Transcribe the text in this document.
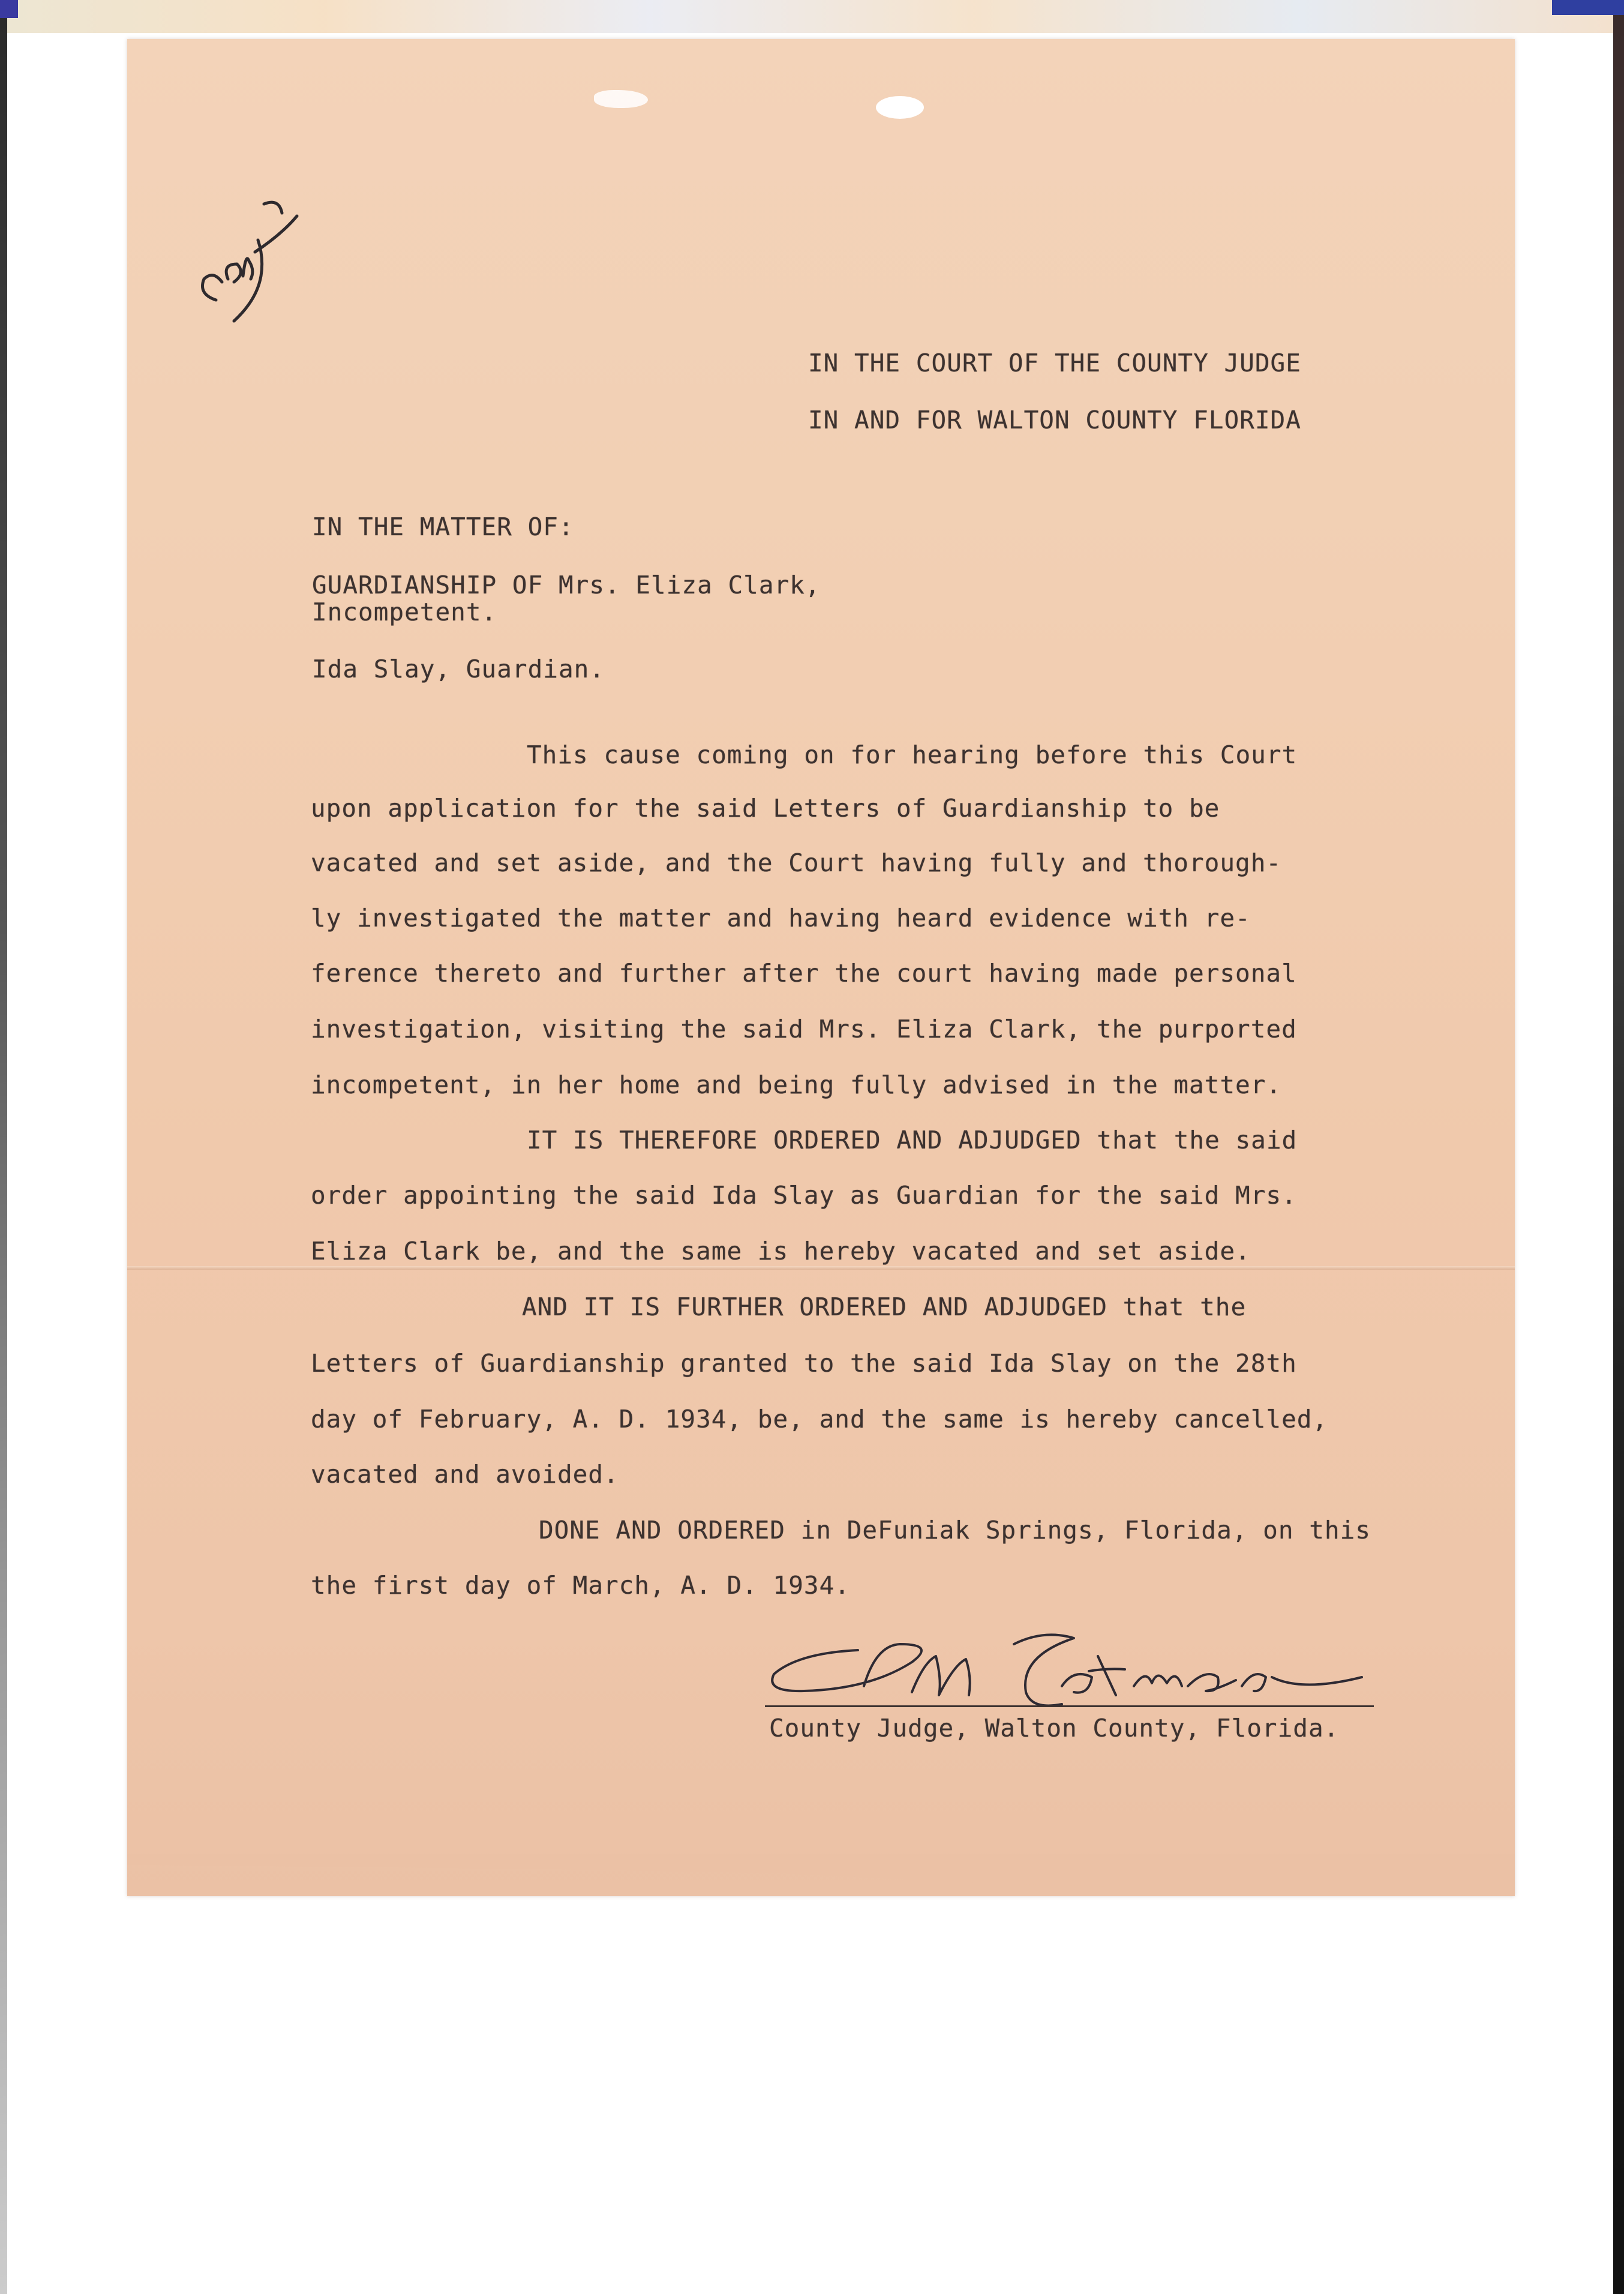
IN THE COURT OF THE COUNTY JUDGE

IN AND FOR WALTON COUNTY FLORIDA

IN THE MATTER OF:

GUARDIANSHIP OF Mrs. Eliza Clark,

Incompetent.

Ida Slay, Guardian.

This cause coming on for hearing before this Court

upon application for the said Letters of Guardianship to be

vacated and set aside, and the Court having fully and thorough-

ly investigated the matter and having heard evidence with re-

ference thereto and further after the court having made personal

investigation, visiting the said Mrs. Eliza Clark, the purported

incompetent, in her home and being fully advised in the matter.

IT IS THEREFORE ORDERED AND ADJUDGED that the said

order appointing the said Ida Slay as Guardian for the said Mrs.

Eliza Clark be, and the same is hereby vacated and set aside.

AND IT IS FURTHER ORDERED AND ADJUDGED that the

Letters of Guardianship granted to the said Ida Slay on the 28th

day of February, A. D. 1934, be, and the same is hereby cancelled,

vacated and avoided.

DONE AND ORDERED in DeFuniak Springs, Florida, on this

the first day of March, A. D. 1934.

County Judge, Walton County, Florida.
